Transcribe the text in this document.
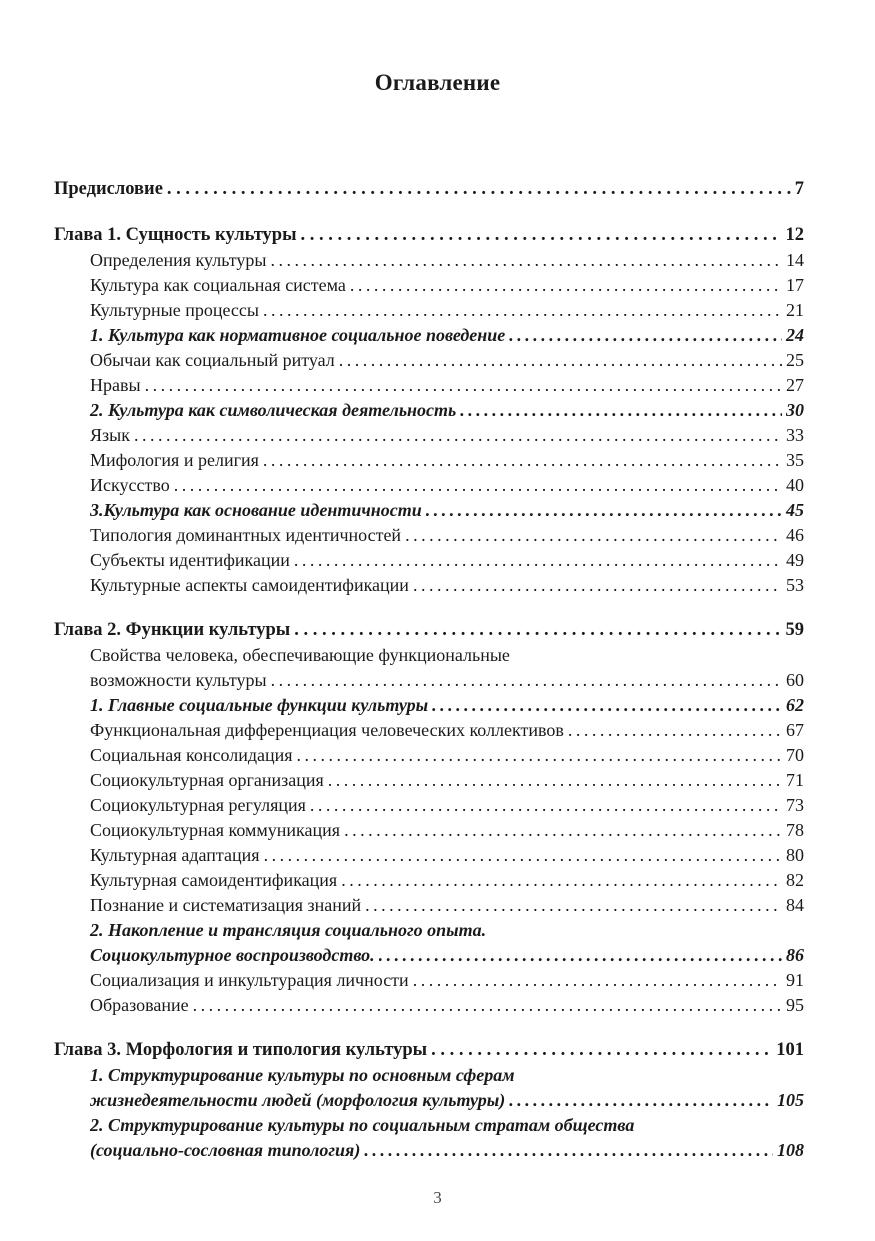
Оглавление
Предисловие . . .	7
Глава 1. Сущность культуры . . .	12
Определения культуры . . .	14
Культура как социальная система . . .	17
Культурные процессы . . .	21
1. Культура как нормативное социальное поведение . . .	24
Обычаи как социальный ритуал . . .	25
Нравы . . .	27
2. Культура как символическая деятельность . . .	30
Язык . . .	33
Мифология и религия . . .	35
Искусство . . .	40
3.Культура как основание идентичности . . .	45
Типология доминантных идентичностей . . .	46
Субъекты идентификации . . .	49
Культурные аспекты самоидентификации . . .	53
Глава 2. Функции культуры . . .	59
Свойства человека, обеспечивающие функциональные
возможности культуры . . .	60
1. Главные социальные функции культуры . . .	62
Функциональная дифференциация человеческих коллективов . . .	67
Социальная консолидация . . .	70
Социокультурная организация . . .	71
Социокультурная регуляция . . .	73
Социокультурная коммуникация . . .	78
Культурная адаптация . . .	80
Культурная самоидентификация . . .	82
Познание и систематизация знаний . . .	84
2. Накопление и трансляция социального опыта.
Социокультурное воспроизводство. . . .	86
Социализация и инкультурация личности . . .	91
Образование . . .	95
Глава 3. Морфология и типология культуры . . .	101
1. Структурирование культуры по основным сферам
жизнедеятельности людей (морфология культуры) . . .	105
2. Структурирование культуры по социальным стратам общества
(социально-сословная типология) . . .	108
3
